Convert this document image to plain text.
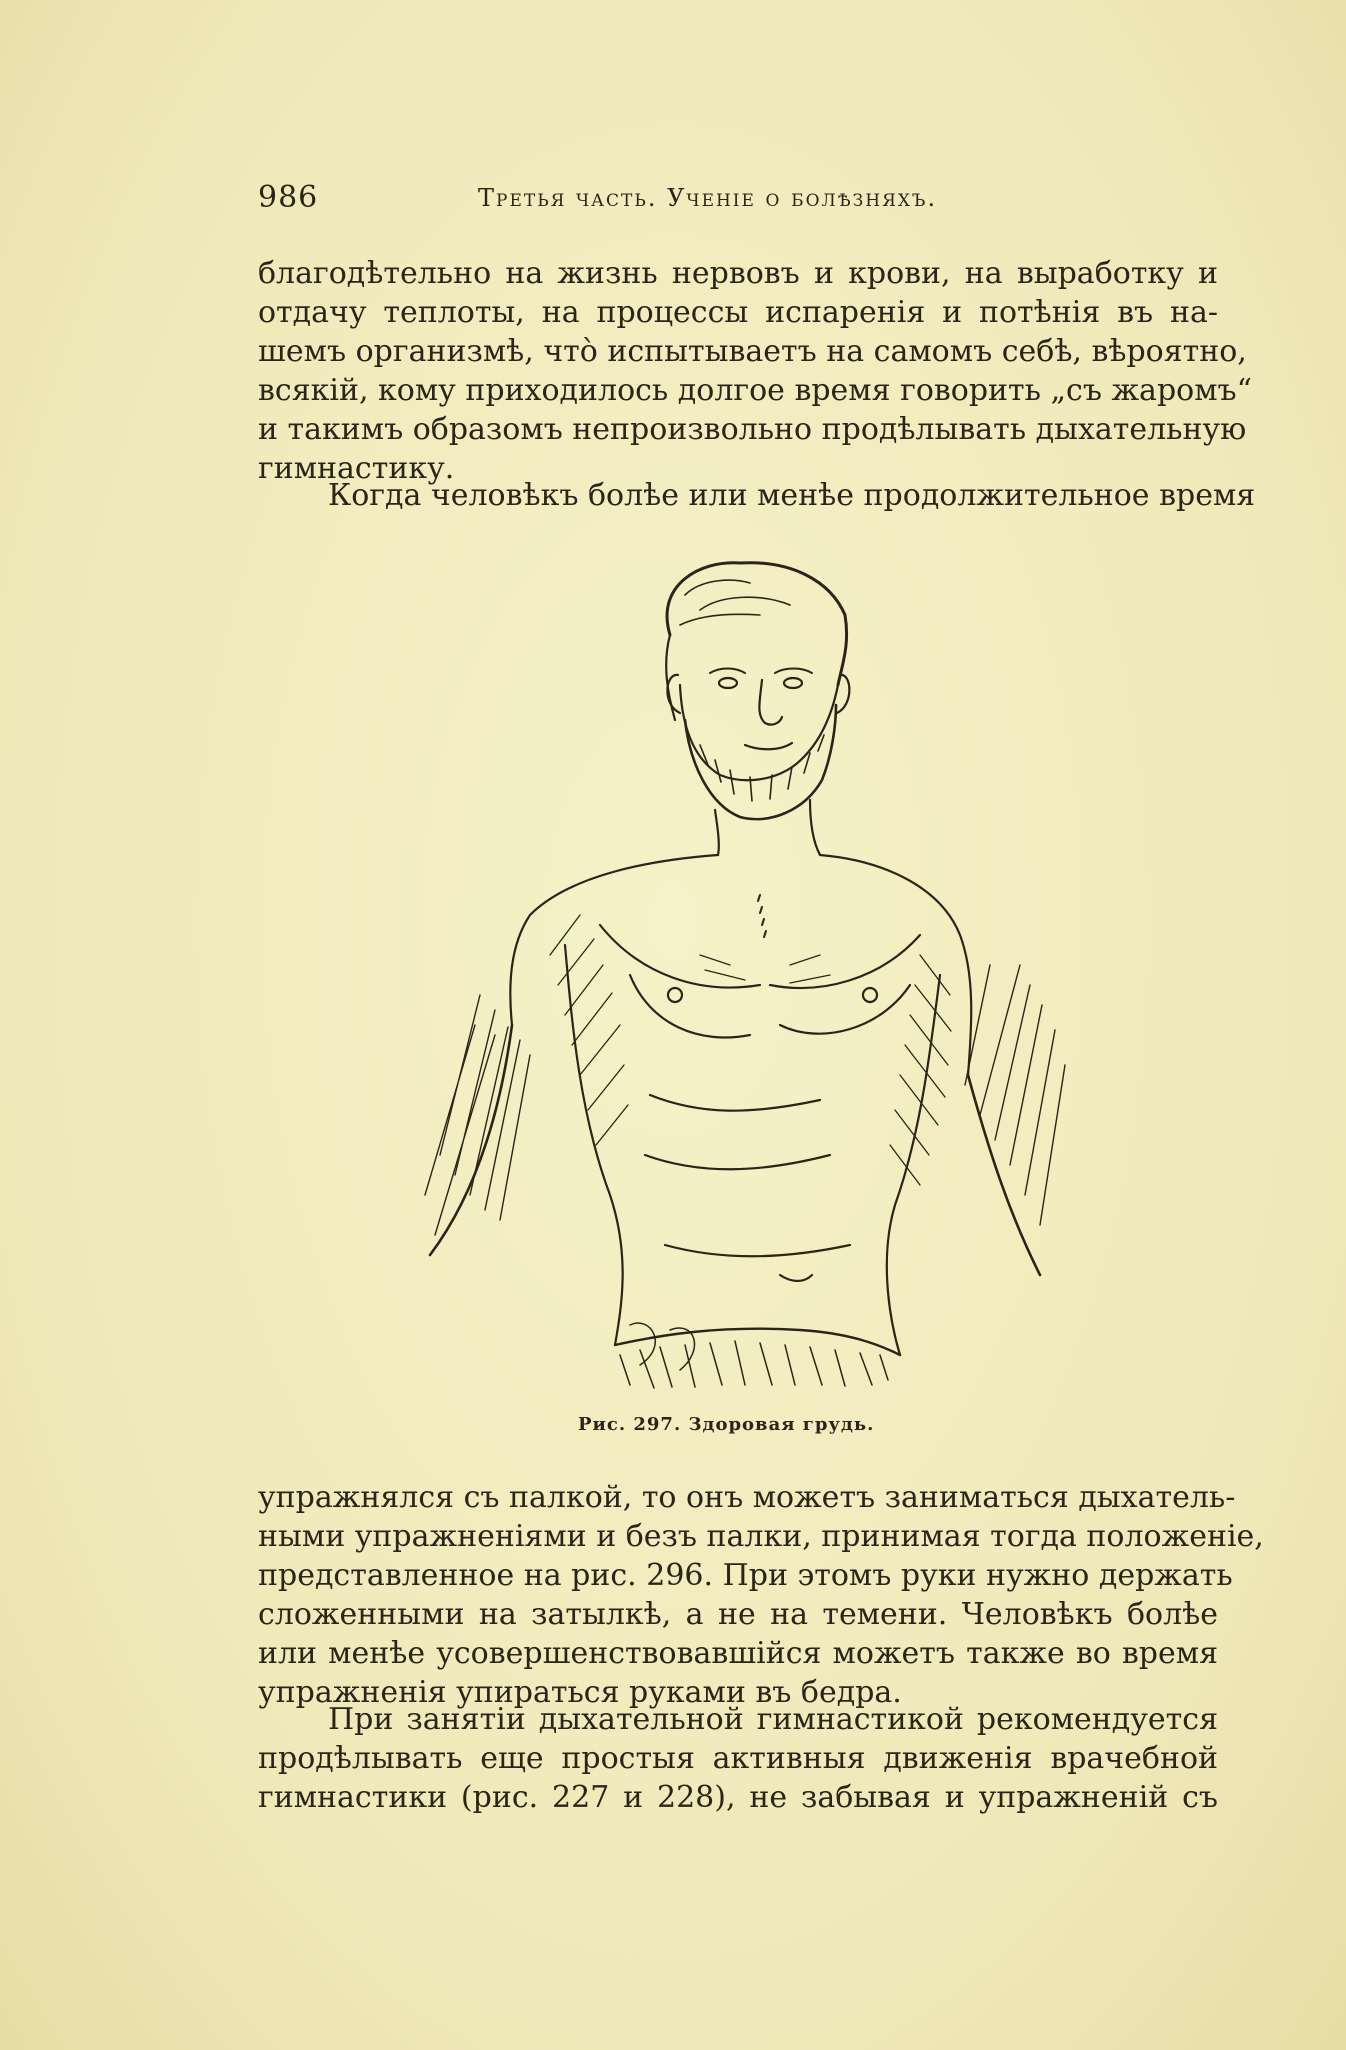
986	Третья часть. Ученіе о болѣзняхъ.
благодѣтельно на жизнь нервовъ и крови, на выработку и
отдачу теплоты, на процессы испаренія и потѣнія въ на-
шемъ организмѣ, что̀ испытываетъ на самомъ себѣ, вѣроятно,
всякій, кому приходилось долгое время говорить „съ жаромъ“
и такимъ образомъ непроизвольно продѣлывать дыхательную
гимнастику.
Когда человѣкъ болѣе или менѣе продолжительное время
Рис. 297. Здоровая грудь.
упражнялся съ палкой, то онъ можетъ заниматься дыхатель-
ными упражненіями и безъ палки, принимая тогда положеніе,
представленное на рис. 296. При этомъ руки нужно держать
сложенными на затылкѣ, а не на темени. Человѣкъ болѣе
или менѣе усовершенствовавшійся можетъ также во время
упражненія упираться руками въ бедра.
При занятіи дыхательной гимнастикой рекомендуется
продѣлывать еще простыя активныя движенія врачебной
гимнастики (рис. 227 и 228), не забывая и упражненій съ
